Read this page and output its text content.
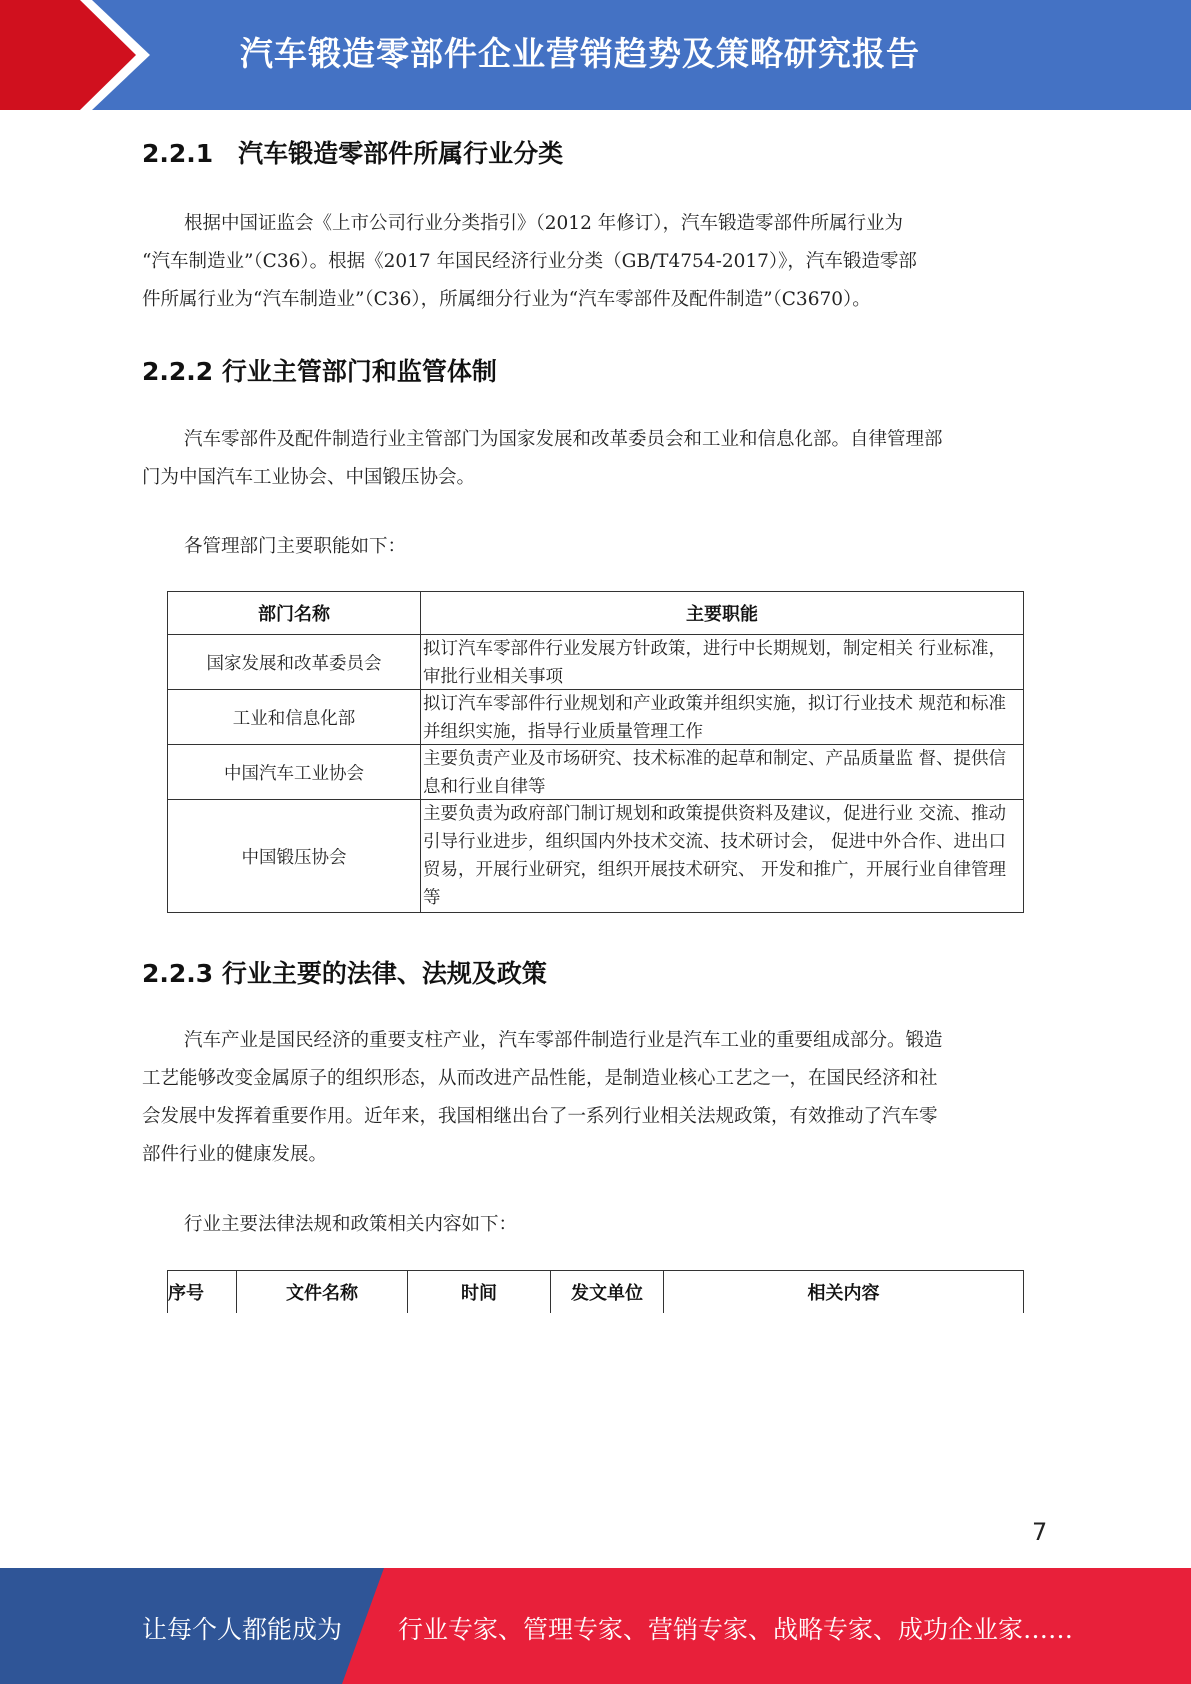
汽车锻造零部件企业营销趋势及策略研究报告
2.2.1　汽车锻造零部件所属行业分类
根据中国证监会《上市公司行业分类指引》（2012 年修订），汽车锻造零部件所属行业为
“汽车制造业”（C36）。根据《2017 年国民经济行业分类（GB/T4754-2017）》，汽车锻造零部
件所属行业为“汽车制造业”（C36），所属细分行业为“汽车零部件及配件制造”（C3670）。
2.2.2 行业主管部门和监管体制
汽车零部件及配件制造行业主管部门为国家发展和改革委员会和工业和信息化部。自律管理部
门为中国汽车工业协会、中国锻压协会。
各管理部门主要职能如下：
部门名称	主要职能
国家发展和改革委员会	拟订汽车零部件行业发展方针政策，进行中长期规划，制定相关 行业标准，审批行业相关事项

工业和信息化部	拟订汽车零部件行业规划和产业政策并组织实施，拟订行业技术 规范和标准并组织实施，指导行业质量管理工作

中国汽车工业协会	主要负责产业及市场研究、技术标准的起草和制定、产品质量监 督、提供信息和行业自律等

中国锻压协会	主要负责为政府部门制订规划和政策提供资料及建议，促进行业 交流、推动引导行业进步，组织国内外技术交流、技术研讨会， 促进中外合作、进出口贸易，开展行业研究，组织开展技术研究、 开发和推广，开展行业自律管理等
2.2.3 行业主要的法律、法规及政策
汽车产业是国民经济的重要支柱产业，汽车零部件制造行业是汽车工业的重要组成部分。锻造
工艺能够改变金属原子的组织形态，从而改进产品性能，是制造业核心工艺之一，在国民经济和社
会发展中发挥着重要作用。近年来，我国相继出台了一系列行业相关法规政策，有效推动了汽车零
部件行业的健康发展。
行业主要法律法规和政策相关内容如下：
序号	文件名称	时间	发文单位	相关内容
7
让每个人都能成为 行业专家、管理专家、营销专家、战略专家、成功企业家……
